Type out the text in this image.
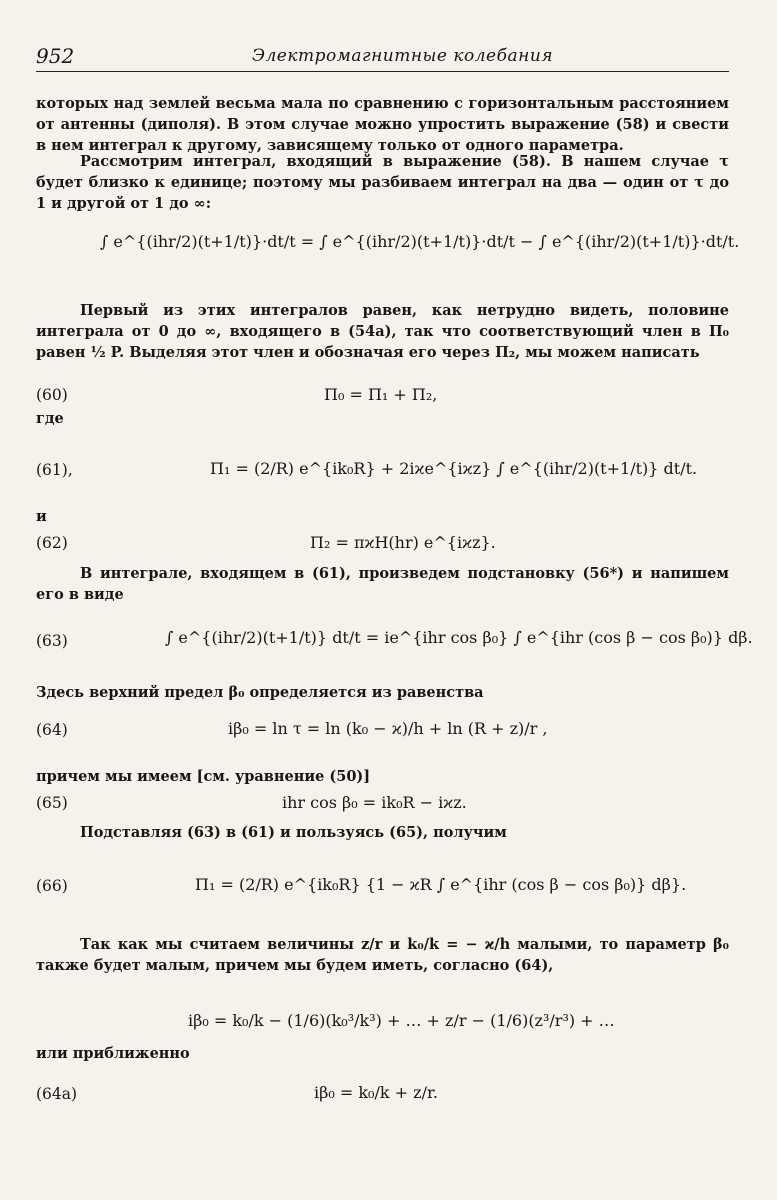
952	Электромагнитные колебания
которых над землей весьма мала по сравнению с горизонтальным расстоянием от антенны (диполя). В этом случае можно упростить выражение (58) и свести в нем интеграл к другому, зависящему только от одного параметра.
Рассмотрим интеграл, входящий в выражение (58). В нашем случае τ будет близко к единице; поэтому мы разбиваем интеграл на два — один от τ до 1 и другой от 1 до ∞:
∫ e^{(ihr/2)(t+1/t)}·dt/t = ∫ e^{(ihr/2)(t+1/t)}·dt/t − ∫ e^{(ihr/2)(t+1/t)}·dt/t.
Первый из этих интегралов равен, как нетрудно видеть, половине интеграла от 0 до ∞, входящего в (54а), так что соответствующий член в П₀ равен ½ P. Выделяя этот член и обозначая его через П₂, мы можем написать
(60)	П₀ = П₁ + П₂,
где
(61),	П₁ = (2/R) e^{ik₀R} + 2iϰe^{iϰz} ∫ e^{(ihr/2)(t+1/t)} dt/t.
и
(62)	П₂ = πϰH(hr) e^{iϰz}.
В интеграле, входящем в (61), произведем подстановку (56*) и напишем его в виде
(63)	∫ e^{(ihr/2)(t+1/t)} dt/t = ie^{ihr cos β₀} ∫ e^{ihr (cos β − cos β₀)} dβ.
Здесь верхний предел β₀ определяется из равенства
(64)	iβ₀ = ln τ = ln (k₀ − ϰ)/h + ln (R + z)/r ,
причем мы имеем [см. уравнение (50)]
(65)	ihr cos β₀ = ik₀R − iϰz.
Подставляя (63) в (61) и пользуясь (65), получим
(66)	П₁ = (2/R) e^{ik₀R} {1 − ϰR ∫ e^{ihr (cos β − cos β₀)} dβ}.
Так как мы считаем величины z/r и k₀/k = − ϰ/h малыми, то параметр β₀ также будет малым, причем мы будем иметь, согласно (64),
iβ₀ = k₀/k − (1/6)(k₀³/k³) + … + z/r − (1/6)(z³/r³) + …
или приближенно
(64a)	iβ₀ = k₀/k + z/r.
